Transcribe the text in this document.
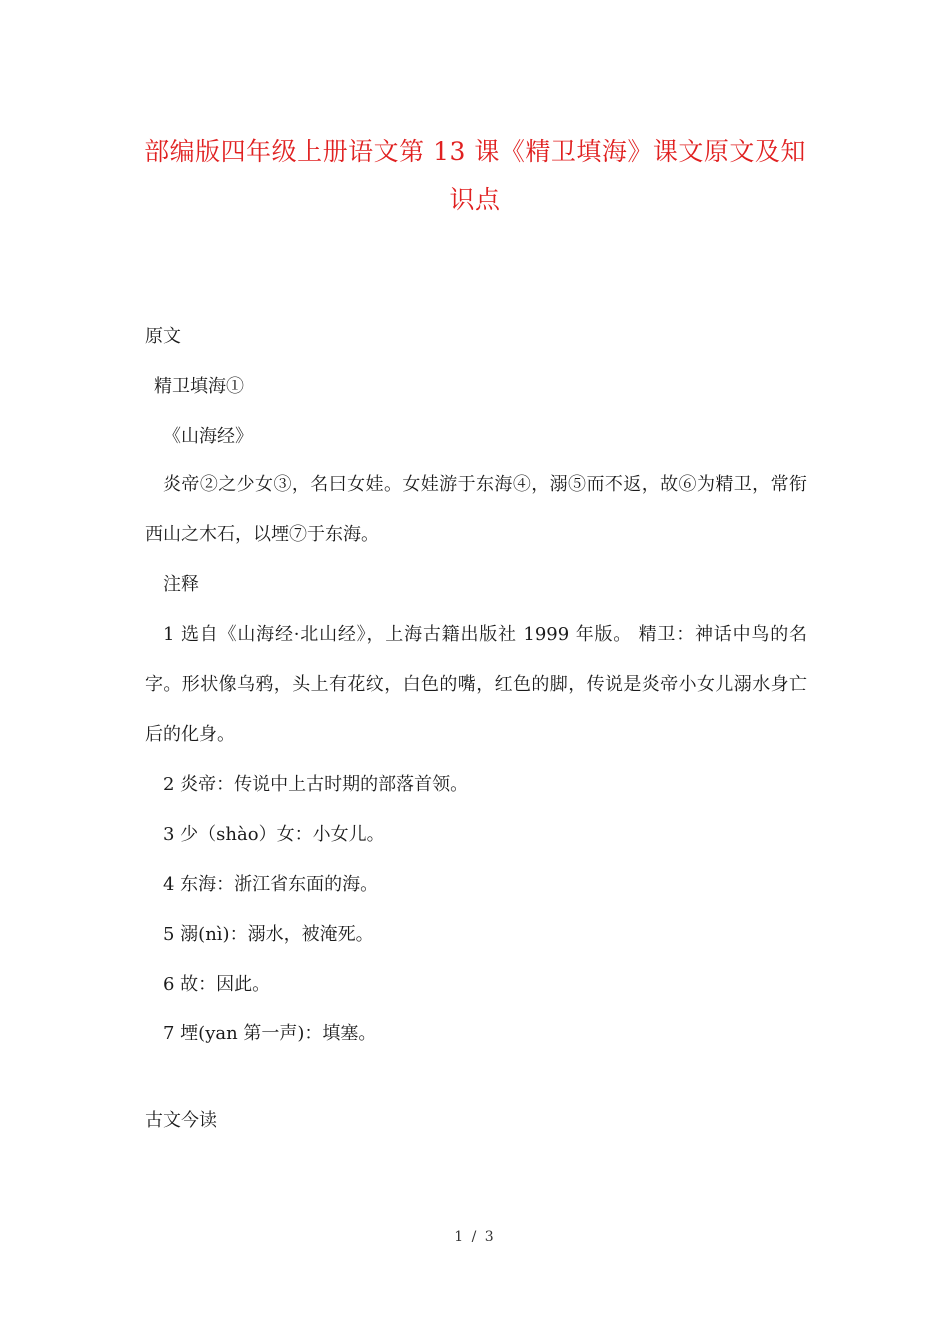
部编版四年级上册语文第 13 课《精卫填海》课文原文及知识点
原文
精卫填海①
《山海经》
炎帝②之少女③，名曰女娃。女娃游于东海④，溺⑤而不返，故⑥为精卫，常衔西山之木石，以堙⑦于东海。
注释
1 选自《山海经·北山经》，上海古籍出版社 1999 年版。 精卫：神话中鸟的名字。形状像乌鸦，头上有花纹，白色的嘴，红色的脚，传说是炎帝小女儿溺水身亡后的化身。
2 炎帝：传说中上古时期的部落首领。
3 少（shào）女：小女儿。
4 东海：浙江省东面的海。
5 溺(nì)：溺水，被淹死。
6 故：因此。
7 堙(yan 第一声)：填塞。
古文今读
1 / 3
